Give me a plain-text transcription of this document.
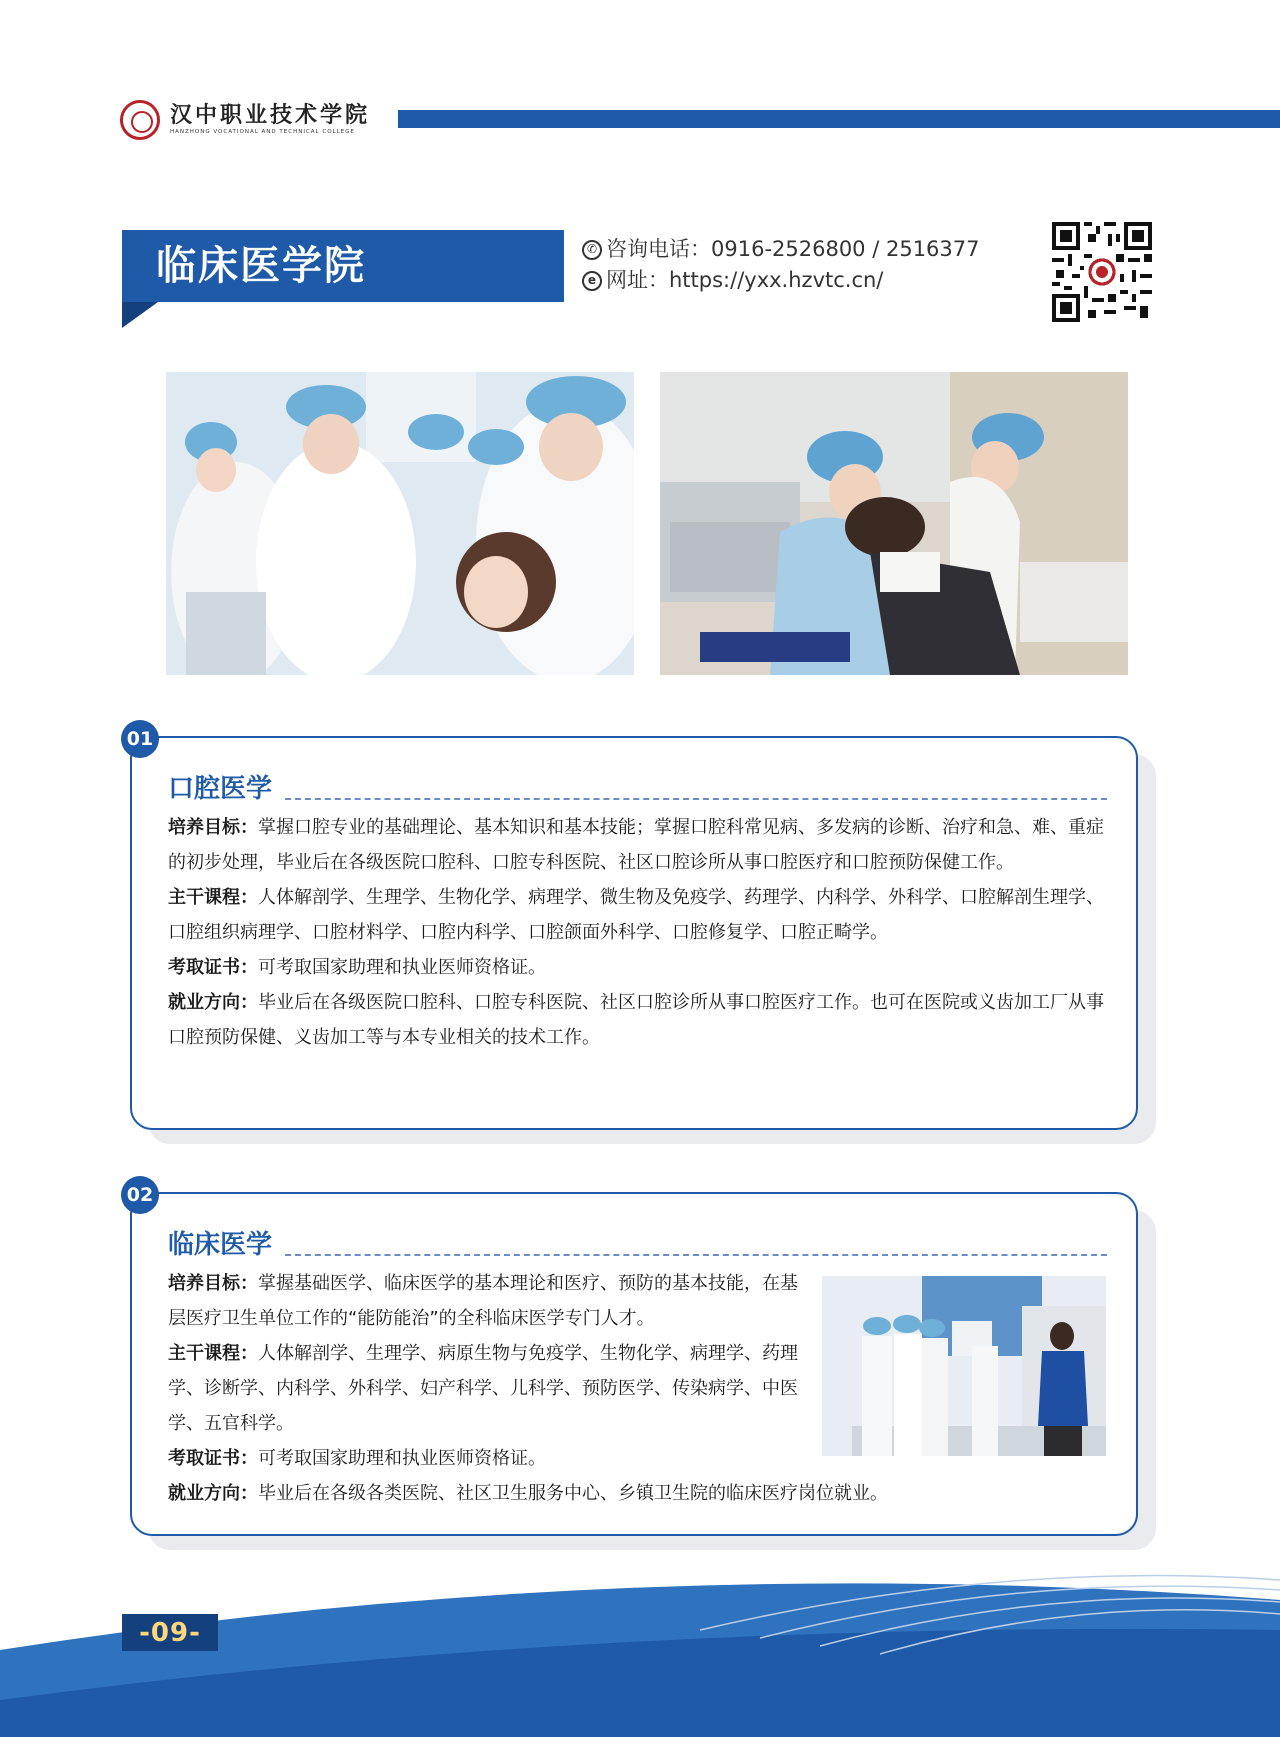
汉中职业技术学院
HANZHONG VOCATIONAL AND TECHNICAL COLLEGE
临床医学院	✆ 咨询电话： 0916-2526800 / 2516377
e 网址： https://yxx.hzvtc.cn/
01
口腔医学
培养目标：掌握口腔专业的基础理论、基本知识和基本技能；掌握口腔科常见病、多发病的诊断、治疗和急、难、重症的初步处理，毕业后在各级医院口腔科、口腔专科医院、社区口腔诊所从事口腔医疗和口腔预防保健工作。
主干课程：人体解剖学、生理学、生物化学、病理学、微生物及免疫学、药理学、内科学、外科学、口腔解剖生理学、口腔组织病理学、口腔材料学、口腔内科学、口腔颌面外科学、口腔修复学、口腔正畸学。
考取证书：可考取国家助理和执业医师资格证。
就业方向：毕业后在各级医院口腔科、口腔专科医院、社区口腔诊所从事口腔医疗工作。也可在医院或义齿加工厂从事口腔预防保健、义齿加工等与本专业相关的技术工作。
02
临床医学
培养目标：掌握基础医学、临床医学的基本理论和医疗、预防的基本技能，在基层医疗卫生单位工作的“能防能治”的全科临床医学专门人才。
主干课程：人体解剖学、生理学、病原生物与免疫学、生物化学、病理学、药理学、诊断学、内科学、外科学、妇产科学、儿科学、预防医学、传染病学、中医学、五官科学。
考取证书：可考取国家助理和执业医师资格证。
就业方向：毕业后在各级各类医院、社区卫生服务中心、乡镇卫生院的临床医疗岗位就业。
-09-
